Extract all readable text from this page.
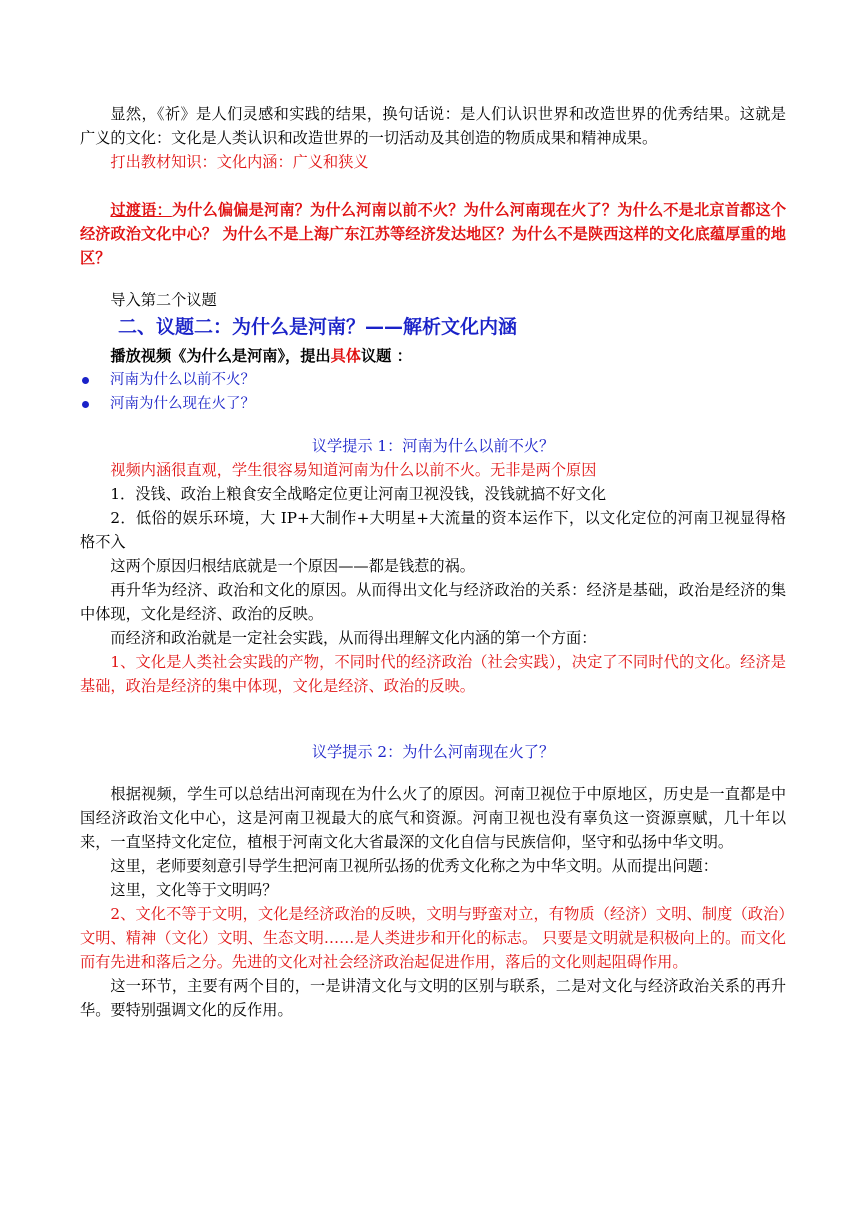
显然，《祈》是人们灵感和实践的结果，换句话说：是人们认识世界和改造世界的优秀结果。这就是广义的文化：文化是人类认识和改造世界的一切活动及其创造的物质成果和精神成果。

打出教材知识：文化内涵：广义和狭义

过渡语：为什么偏偏是河南？为什么河南以前不火？为什么河南现在火了？为什么不是北京首都这个经济政治文化中心？ 为什么不是上海广东江苏等经济发达地区？为什么不是陕西这样的文化底蕴厚重的地区？

导入第二个议题

二、议题二：为什么是河南？——解析文化内涵

播放视频《为什么是河南》，提出具体议题 ：

河南为什么以前不火？
河南为什么现在火了？

议学提示 1：河南为什么以前不火？

视频内涵很直观，学生很容易知道河南为什么以前不火。无非是两个原因

1．没钱、政治上粮食安全战略定位更让河南卫视没钱，没钱就搞不好文化

2．低俗的娱乐环境，大 IP+大制作+大明星+大流量的资本运作下，以文化定位的河南卫视显得格格不入

这两个原因归根结底就是一个原因——都是钱惹的祸。

再升华为经济、政治和文化的原因。从而得出文化与经济政治的关系：经济是基础，政治是经济的集中体现，文化是经济、政治的反映。

而经济和政治就是一定社会实践，从而得出理解文化内涵的第一个方面：

1、文化是人类社会实践的产物，不同时代的经济政治（社会实践），决定了不同时代的文化。经济是基础，政治是经济的集中体现，文化是经济、政治的反映。

议学提示 2：为什么河南现在火了？

根据视频，学生可以总结出河南现在为什么火了的原因。河南卫视位于中原地区，历史是一直都是中国经济政治文化中心，这是河南卫视最大的底气和资源。河南卫视也没有辜负这一资源禀赋，几十年以来，一直坚持文化定位，植根于河南文化大省最深的文化自信与民族信仰，坚守和弘扬中华文明。

这里，老师要刻意引导学生把河南卫视所弘扬的优秀文化称之为中华文明。从而提出问题：

这里，文化等于文明吗？

2、文化不等于文明，文化是经济政治的反映，文明与野蛮对立，有物质（经济）文明、制度（政治）文明、精神（文化）文明、生态文明……是人类进步和开化的标志。 只要是文明就是积极向上的。而文化而有先进和落后之分。先进的文化对社会经济政治起促进作用，落后的文化则起阻碍作用。

这一环节，主要有两个目的，一是讲清文化与文明的区别与联系，二是对文化与经济政治关系的再升华。要特别强调文化的反作用。
